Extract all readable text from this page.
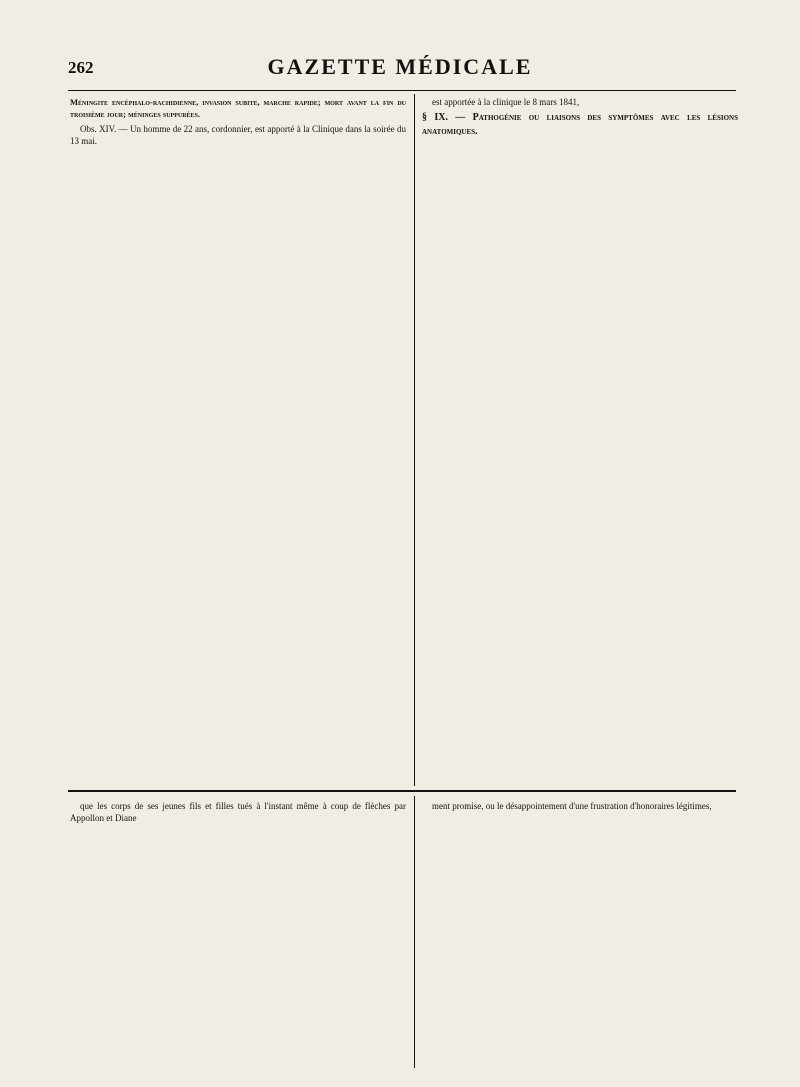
262	GAZETTE MÉDICALE

Méningite encéphalo-rachidienne, invasion subite, marche rapide; mort avant la fin du troisième jour; méninges suppurées.

Obs. XIV. — Un homme de 22 ans, cordonnier, est apporté à la Clinique dans la soirée du 13 mai.

est apportée à la clinique le 8 mars 1841,

§ IX. — Pathogénie ou liaisons des symptômes avec les lésions anatomiques.

que les corps de ses jeunes fils et filles tués à l'instant même à coup de flèches par Appollon et Diane

ment promise, ou le désappointement d'une frustration d'honoraires légitimes,
